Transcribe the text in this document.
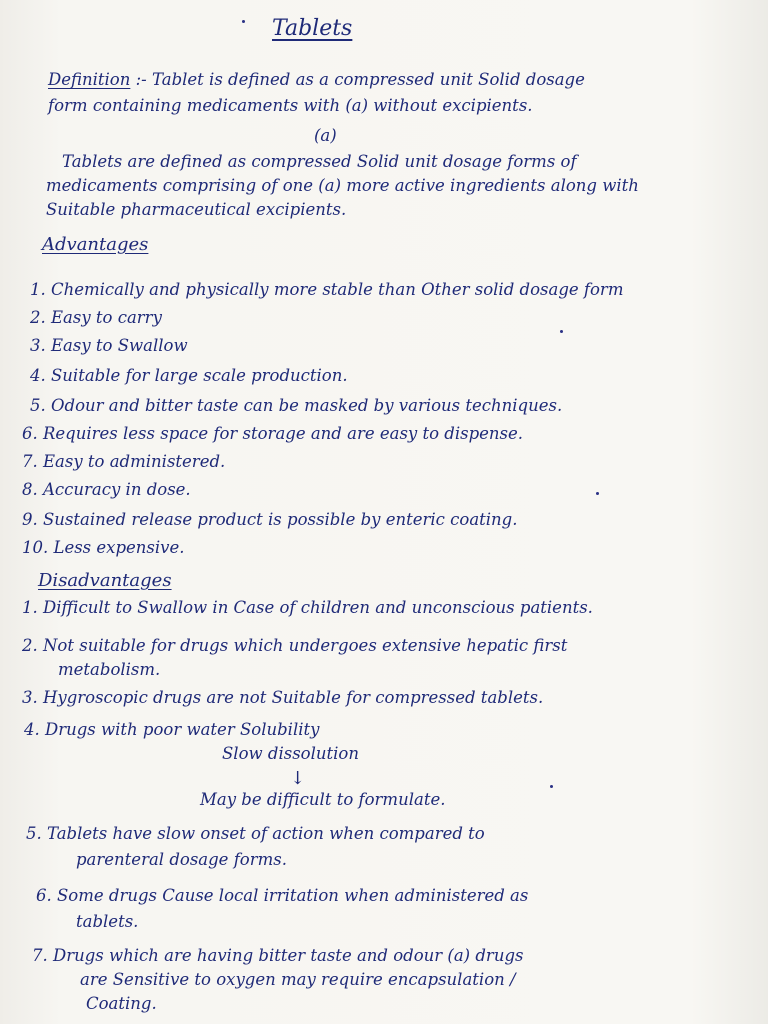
Tablets
Definition :- Tablet is defined as a compressed unit Solid dosage
form containing medicaments with (a) without excipients.
(a)
Tablets are defined as compressed Solid unit dosage forms of
medicaments comprising of one (a) more active ingredients along with
Suitable pharmaceutical excipients.
Advantages
1. Chemically and physically more stable than Other solid dosage form
2. Easy to carry
3. Easy to Swallow
4. Suitable for large scale production.
5. Odour and bitter taste can be masked by various techniques.
6. Requires less space for storage and are easy to dispense.
7. Easy to administered.
8. Accuracy in dose.
9. Sustained release product is possible by enteric coating.
10. Less expensive.
Disadvantages
1. Difficult to Swallow in Case of children and unconscious patients.
2. Not suitable for drugs which undergoes extensive hepatic first
metabolism.
3. Hygroscopic drugs are not Suitable for compressed tablets.
4. Drugs with poor water Solubility
Slow dissolution
↓
May be difficult to formulate.
5. Tablets have slow onset of action when compared to
parenteral dosage forms.
6. Some drugs Cause local irritation when administered as
tablets.
7. Drugs which are having bitter taste and odour (a) drugs
are Sensitive to oxygen may require encapsulation /
Coating.
